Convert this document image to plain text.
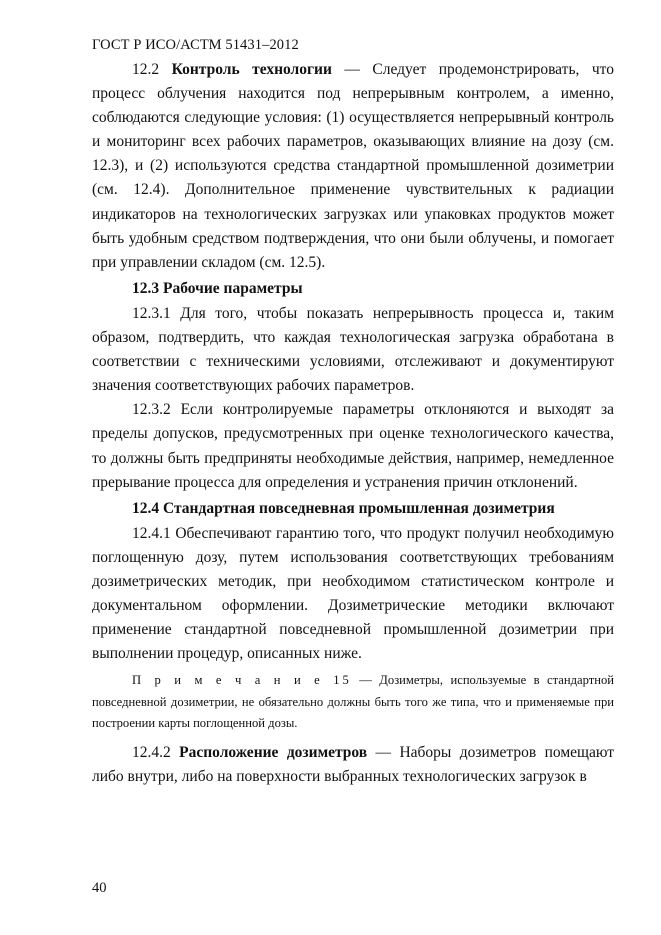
ГОСТ Р ИСО/АСТМ 51431–2012

12.2 Контроль технологии — Следует продемонстрировать, что процесс облучения находится под непрерывным контролем, а именно, соблюдаются следующие условия: (1) осуществляется непрерывный контроль и мониторинг всех рабочих параметров, оказывающих влияние на дозу (см. 12.3), и (2) используются средства стандартной промышленной дозиметрии (см. 12.4). Дополнительное применение чувствительных к радиации индикаторов на технологических загрузках или упаковках продуктов может быть удобным средством подтверждения, что они были облучены, и помогает при управлении складом (см. 12.5).

12.3 Рабочие параметры

12.3.1 Для того, чтобы показать непрерывность процесса и, таким образом, подтвердить, что каждая технологическая загрузка обработана в соответствии с техническими условиями, отслеживают и документируют значения соответствующих рабочих параметров.

12.3.2 Если контролируемые параметры отклоняются и выходят за пределы допусков, предусмотренных при оценке технологического качества, то должны быть предприняты необходимые действия, например, немедленное прерывание процесса для определения и устранения причин отклонений.

12.4 Стандартная повседневная промышленная дозиметрия

12.4.1 Обеспечивают гарантию того, что продукт получил необходимую поглощенную дозу, путем использования соответствующих требованиям дозиметрических методик, при необходимом статистическом контроле и документальном оформлении. Дозиметрические методики включают применение стандартной повседневной промышленной дозиметрии при выполнении процедур, описанных ниже.

П р и м е ч а н и е 15 — Дозиметры, используемые в стандартной повседневной дозиметрии, не обязательно должны быть того же типа, что и применяемые при построении карты поглощенной дозы.

12.4.2 Расположение дозиметров — Наборы дозиметров помещают либо внутри, либо на поверхности выбранных технологических загрузок в

40
